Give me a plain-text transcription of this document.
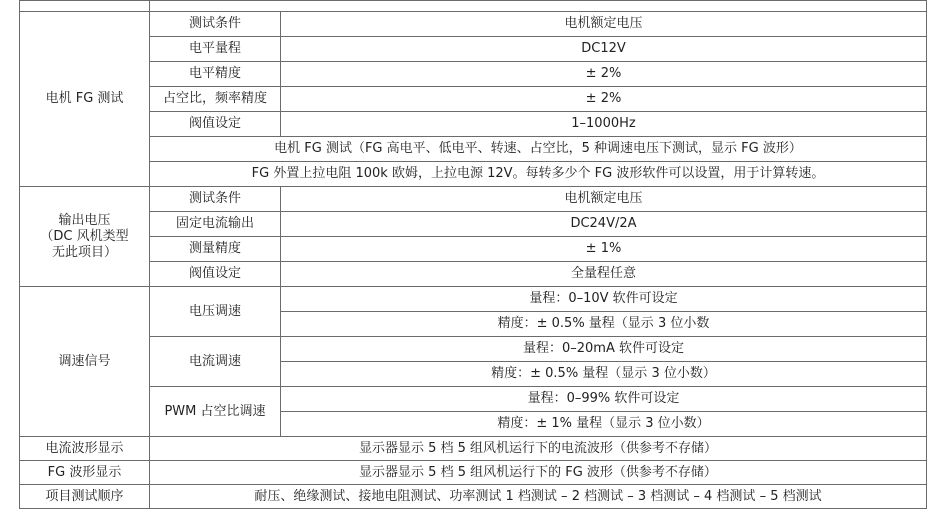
电机 FG 测试	测试条件	电机额定电压
	电平量程	DC12V
	电平精度	± 2%
	占空比，频率精度	± 2%
	阀值设定	1–1000Hz
	电机 FG 测试（FG 高电平、低电平、转速、占空比，5 种调速电压下测试，显示 FG 波形）	
	FG 外置上拉电阻 100k 欧姆，上拉电源 12V。每转多少个 FG 波形软件可以设置，用于计算转速。	

输出电压
（DC 风机类型
无此项目）	测试条件	电机额定电压
	固定电流输出	DC24V/2A
	测量精度	± 1%
	阀值设定	全量程任意
调速信号	电压调速	量程：0–10V 软件可设定
		精度：± 0.5% 量程（显示 3 位小数
	电流调速	量程：0–20mA 软件可设定
		精度：± 0.5% 量程（显示 3 位小数）
	PWM 占空比调速	量程：0–99% 软件可设定
		精度：± 1% 量程（显示 3 位小数）
电流波形显示	显示器显示 5 档 5 组风机运行下的电流波形（供参考不存储）	
FG 波形显示	显示器显示 5 档 5 组风机运行下的 FG 波形（供参考不存储）	
项目测试顺序	耐压、绝缘测试、接地电阻测试、功率测试 1 档测试 – 2 档测试 – 3 档测试 – 4 档测试 – 5 档测试	
